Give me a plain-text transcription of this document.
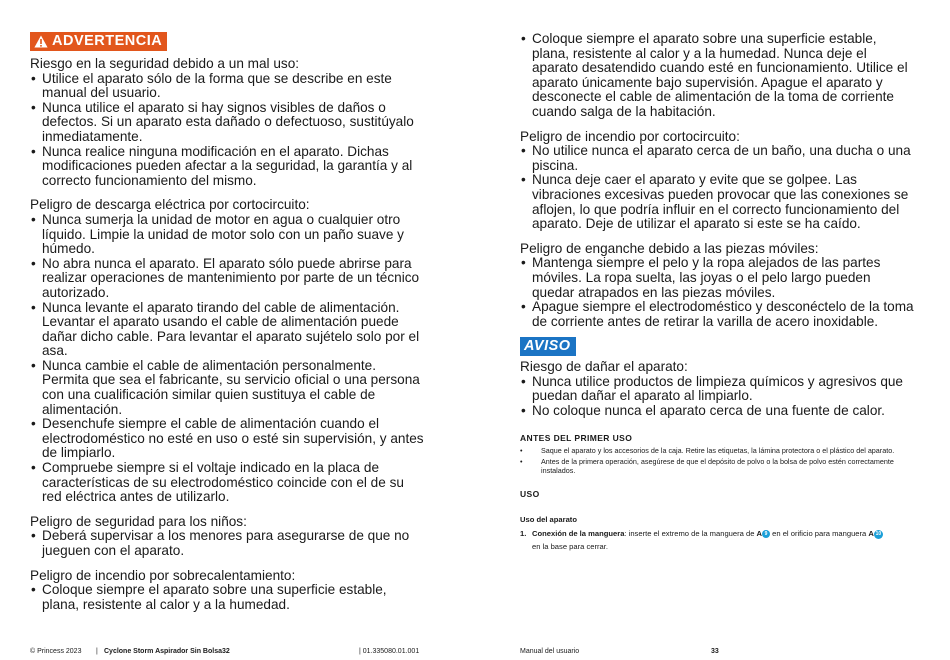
ADVERTENCIA
Riesgo en la seguridad debido a un mal uso:
• Utilice el aparato sólo de la forma que se describe en este manual del usuario.
• Nunca utilice el aparato si hay signos visibles de daños o defectos. Si un aparato esta dañado o defectuoso, sustitúyalo inmediatamente.
• Nunca realice ninguna modificación en el aparato. Dichas modificaciones pueden afectar a la seguridad, la garantía y al correcto funcionamiento del mismo.
Peligro de descarga eléctrica por cortocircuito:
• Nunca sumerja la unidad de motor en agua o cualquier otro líquido. Limpie la unidad de motor solo con un paño suave y húmedo.
• No abra nunca el aparato. El aparato sólo puede abrirse para realizar operaciones de mantenimiento por parte de un técnico autorizado.
• Nunca levante el aparato tirando del cable de alimentación. Levantar el aparato usando el cable de alimentación puede dañar dicho cable. Para levantar el aparato sujételo solo por el asa.
• Nunca cambie el cable de alimentación personalmente. Permita que sea el fabricante, su servicio oficial o una persona con una cualificación similar quien sustituya el cable de alimentación.
• Desenchufe siempre el cable de alimentación cuando el electrodoméstico no esté en uso o esté sin supervisión, y antes de limpiarlo.
• Compruebe siempre si el voltaje indicado en la placa de características de su electrodoméstico coincide con el de su red eléctrica antes de utilizarlo.
Peligro de seguridad para los niños:
• Deberá supervisar a los menores para asegurarse de que no jueguen con el aparato.
Peligro de incendio por sobrecalentamiento:
• Coloque siempre el aparato sobre una superficie estable, plana, resistente al calor y a la humedad.
• Coloque siempre el aparato sobre una superficie estable, plana, resistente al calor y a la humedad. Nunca deje el aparato desatendido cuando esté en funcionamiento. Utilice el aparato únicamente bajo supervisión. Apague el aparato y desconecte el cable de alimentación de la toma de corriente cuando salga de la habitación.
Peligro de incendio por cortocircuito:
• No utilice nunca el aparato cerca de un baño, una ducha o una piscina.
• Nunca deje caer el aparato y evite que se golpee. Las vibraciones excesivas pueden provocar que las conexiones se aflojen, lo que podría influir en el correcto funcionamiento del aparato. Deje de utilizar el aparato si este se ha caído.
Peligro de enganche debido a las piezas móviles:
• Mantenga siempre el pelo y la ropa alejados de las partes móviles. La ropa suelta, las joyas o el pelo largo pueden quedar atrapados en las piezas móviles.
• Apague siempre el electrodoméstico y desconéctelo de la toma de corriente antes de retirar la varilla de acero inoxidable.
AVISO
Riesgo de dañar el aparato:
• Nunca utilice productos de limpieza químicos y agresivos que puedan dañar el aparato al limpiarlo.
• No coloque nunca el aparato cerca de una fuente de calor.
ANTES DEL PRIMER USO
• Saque el aparato y los accesorios de la caja. Retire las etiquetas, la lámina protectora o el plástico del aparato.
• Antes de la primera operación, asegúrese de que el depósito de polvo o la bolsa de polvo estén correctamente instalados.
USO
Uso del aparato
1. Conexión de la manguera: inserte el extremo de la manguera de A 9 en el orificio para manguera A 10
en la base para cerrar.
© Princess 2023 | Cyclone Storm Aspirador Sin Bolsa 32	| 01.335080.01.001	Manual del usuario	33
